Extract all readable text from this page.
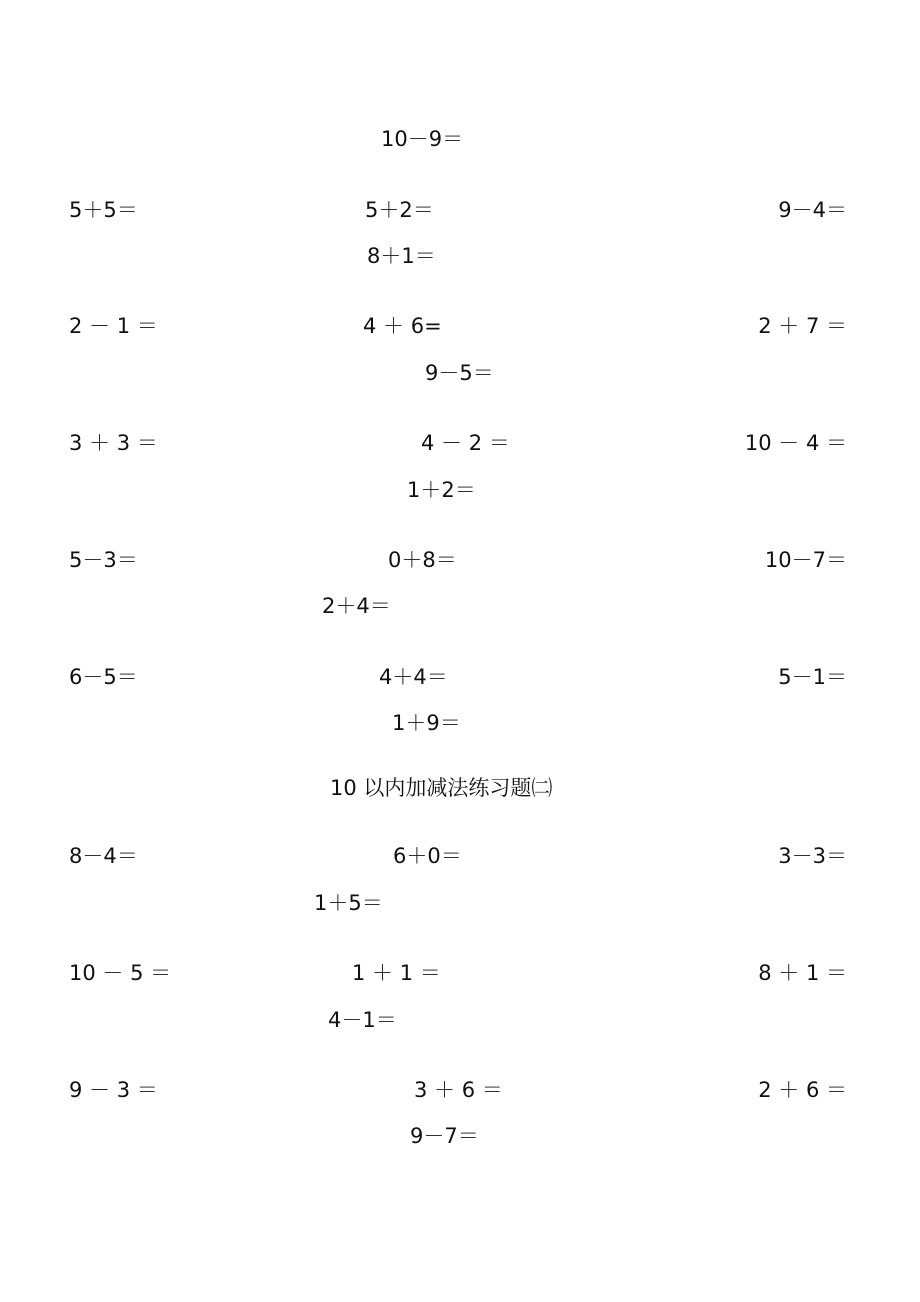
10－9＝
5＋5＝	5＋2＝	9－4＝
8＋1＝
2 － 1 ＝	4 ＋ 6=	2 ＋ 7 ＝
9－5＝
3 ＋ 3 ＝	4 － 2 ＝	10 － 4 ＝
1＋2＝
5－3＝	0＋8＝	10－7＝
2＋4＝
6－5＝	4＋4＝	5－1＝
1＋9＝
10 以内加减法练习题㈡
8－4＝	6＋0＝	3－3＝
1＋5＝
10 － 5 ＝	1 ＋ 1 ＝	8 ＋ 1 ＝
4－1＝
9 － 3 ＝	3 ＋ 6 ＝	2 ＋ 6 ＝
9－7＝
